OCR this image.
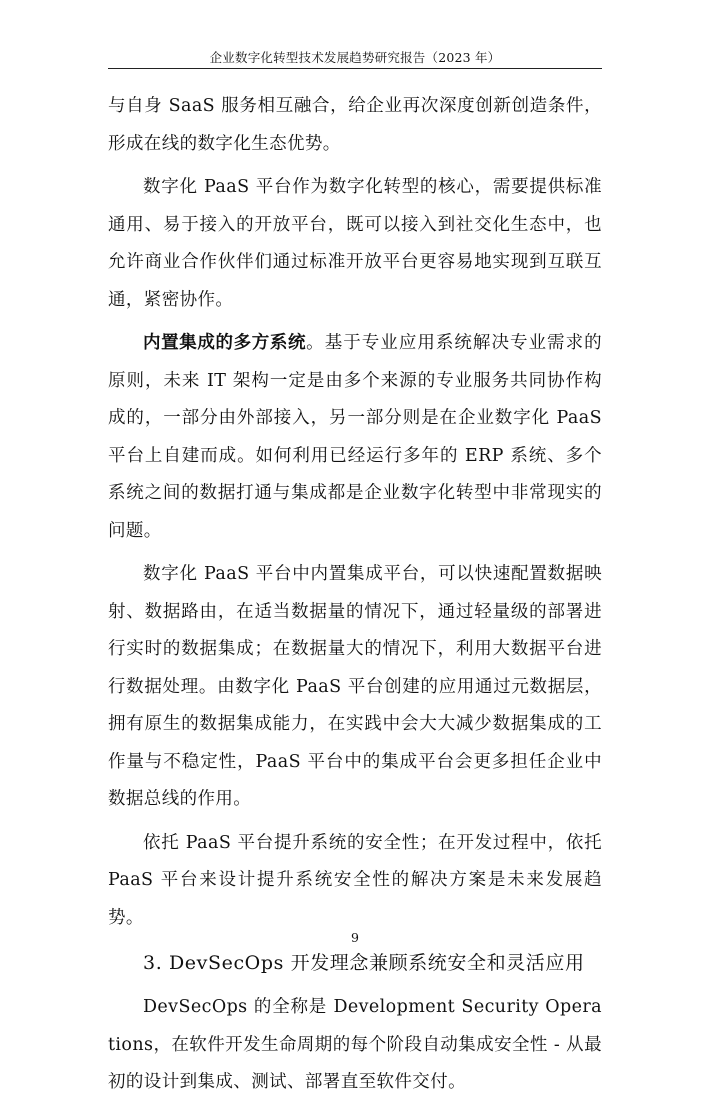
企业数字化转型技术发展趋势研究报告（2023 年）

与自身 SaaS 服务相互融合，给企业再次深度创新创造条件，形成在线的数字化生态优势。

数字化 PaaS 平台作为数字化转型的核心，需要提供标准通用、易于接入的开放平台，既可以接入到社交化生态中，也允许商业合作伙伴们通过标准开放平台更容易地实现到互联互通，紧密协作。

内置集成的多方系统。基于专业应用系统解决专业需求的原则，未来 IT 架构一定是由多个来源的专业服务共同协作构成的，一部分由外部接入，另一部分则是在企业数字化 PaaS 平台上自建而成。如何利用已经运行多年的 ERP 系统、多个系统之间的数据打通与集成都是企业数字化转型中非常现实的问题。

数字化 PaaS 平台中内置集成平台，可以快速配置数据映射、数据路由，在适当数据量的情况下，通过轻量级的部署进行实时的数据集成；在数据量大的情况下，利用大数据平台进行数据处理。由数字化 PaaS 平台创建的应用通过元数据层，拥有原生的数据集成能力，在实践中会大大减少数据集成的工作量与不稳定性，PaaS 平台中的集成平台会更多担任企业中数据总线的作用。

依托 PaaS 平台提升系统的安全性；在开发过程中，依托 PaaS 平台来设计提升系统安全性的解决方案是未来发展趋势。

3. DevSecOps 开发理念兼顾系统安全和灵活应用

DevSecOps 的全称是 Development Security Operations，在软件开发生命周期的每个阶段自动集成安全性 - 从最初的设计到集成、测试、部署直至软件交付。

9
